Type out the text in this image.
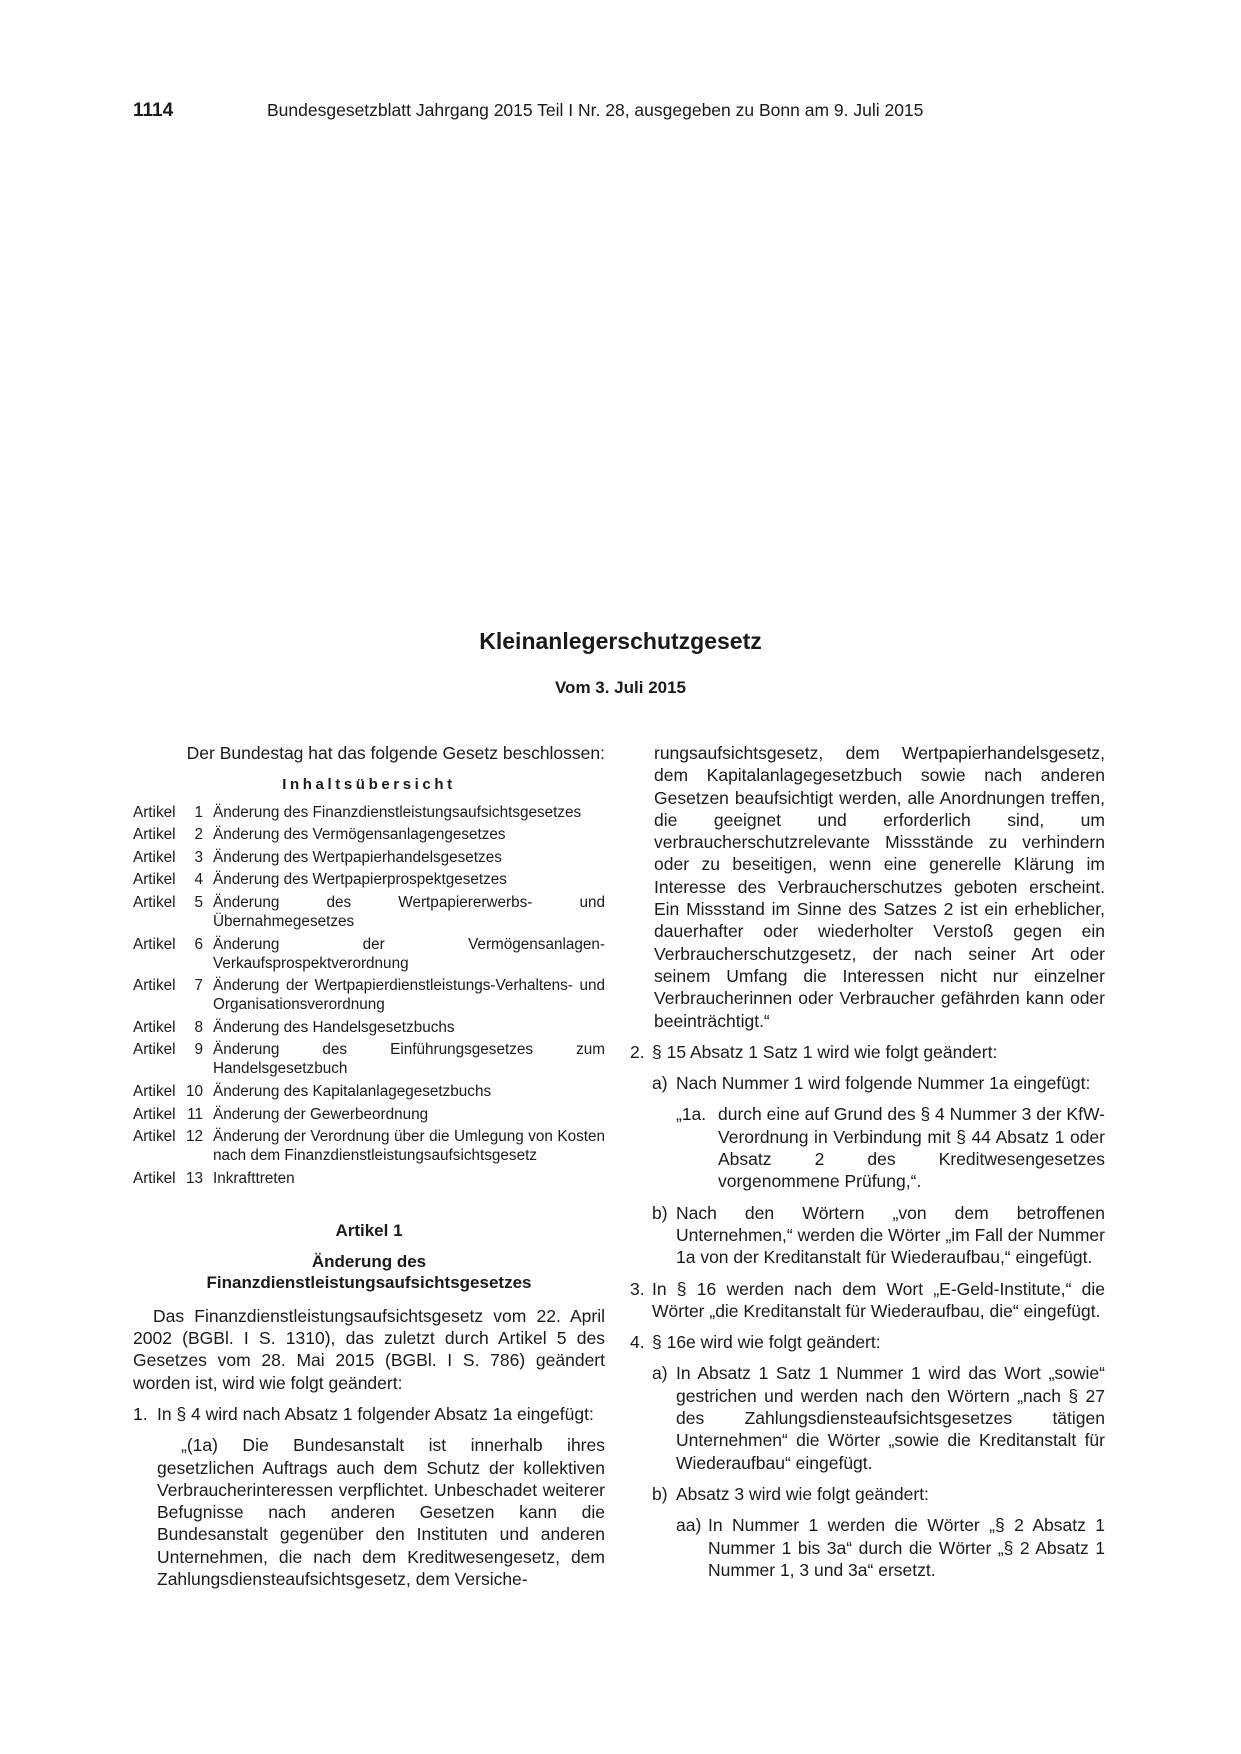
1114	Bundesgesetzblatt Jahrgang 2015 Teil I Nr. 28, ausgegeben zu Bonn am 9. Juli 2015
Kleinanlegerschutzgesetz
Vom 3. Juli 2015

Der Bundestag hat das folgende Gesetz beschlossen:

Inhaltsübersicht
Artikel	1 Änderung des Finanzdienstleistungsaufsichtsgesetzes
Artikel	2 Änderung des Vermögensanlagengesetzes
Artikel	3 Änderung des Wertpapierhandelsgesetzes
Artikel	4 Änderung des Wertpapierprospektgesetzes
Artikel	5 Änderung des Wertpapiererwerbs- und Übernahmegesetzes
Artikel	6 Änderung der Vermögensanlagen-Verkaufsprospektverordnung
Artikel	7 Änderung der Wertpapierdienstleistungs-Verhaltens- und Organisationsverordnung
Artikel	8 Änderung des Handelsgesetzbuchs
Artikel	9 Änderung des Einführungsgesetzes zum Handelsgesetzbuch
Artikel 10 Änderung des Kapitalanlagegesetzbuchs
Artikel 11 Änderung der Gewerbeordnung
Artikel 12 Änderung der Verordnung über die Umlegung von Kosten nach dem Finanzdienstleistungsaufsichtsgesetz
Artikel 13 Inkrafttreten
Artikel 1
Änderung des
Finanzdienstleistungsaufsichtsgesetzes

Das Finanzdienstleistungsaufsichtsgesetz vom 22. April 2002 (BGBl. I S. 1310), das zuletzt durch Artikel 5 des Gesetzes vom 28. Mai 2015 (BGBl. I S. 786) geändert worden ist, wird wie folgt geändert:

1. In § 4 wird nach Absatz 1 folgender Absatz 1a eingefügt:
„(1a) Die Bundesanstalt ist innerhalb ihres gesetzlichen Auftrags auch dem Schutz der kollektiven Verbraucherinteressen verpflichtet. Unbeschadet weiterer Befugnisse nach anderen Gesetzen kann die Bundesanstalt gegenüber den Instituten und anderen Unternehmen, die nach dem Kreditwesengesetz, dem Zahlungsdiensteaufsichtsgesetz, dem Versiche-

rungsaufsichtsgesetz, dem Wertpapierhandelsgesetz, dem Kapitalanlagegesetzbuch sowie nach anderen Gesetzen beaufsichtigt werden, alle Anordnungen treffen, die geeignet und erforderlich sind, um verbraucherschutzrelevante Missstände zu verhindern oder zu beseitigen, wenn eine generelle Klärung im Interesse des Verbraucherschutzes geboten erscheint. Ein Missstand im Sinne des Satzes 2 ist ein erheblicher, dauerhafter oder wiederholter Verstoß gegen ein Verbraucherschutzgesetz, der nach seiner Art oder seinem Umfang die Interessen nicht nur einzelner Verbraucherinnen oder Verbraucher gefährden kann oder beeinträchtigt.“

2. § 15 Absatz 1 Satz 1 wird wie folgt geändert:
a) Nach Nummer 1 wird folgende Nummer 1a eingefügt:
„1a. durch eine auf Grund des § 4 Nummer 3 der KfW-Verordnung in Verbindung mit § 44 Absatz 1 oder Absatz 2 des Kreditwesengesetzes vorgenommene Prüfung,“.
b) Nach den Wörtern „von dem betroffenen Unternehmen,“ werden die Wörter „im Fall der Nummer 1a von der Kreditanstalt für Wiederaufbau,“ eingefügt.
3. In § 16 werden nach dem Wort „E-Geld-Institute,“ die Wörter „die Kreditanstalt für Wiederaufbau, die“ eingefügt.
4. § 16e wird wie folgt geändert:
a) In Absatz 1 Satz 1 Nummer 1 wird das Wort „sowie“ gestrichen und werden nach den Wörtern „nach § 27 des Zahlungsdiensteaufsichtsgesetzes tätigen Unternehmen“ die Wörter „sowie die Kreditanstalt für Wiederaufbau“ eingefügt.
b) Absatz 3 wird wie folgt geändert:
aa) In Nummer 1 werden die Wörter „§ 2 Absatz 1 Nummer 1 bis 3a“ durch die Wörter „§ 2 Absatz 1 Nummer 1, 3 und 3a“ ersetzt.
